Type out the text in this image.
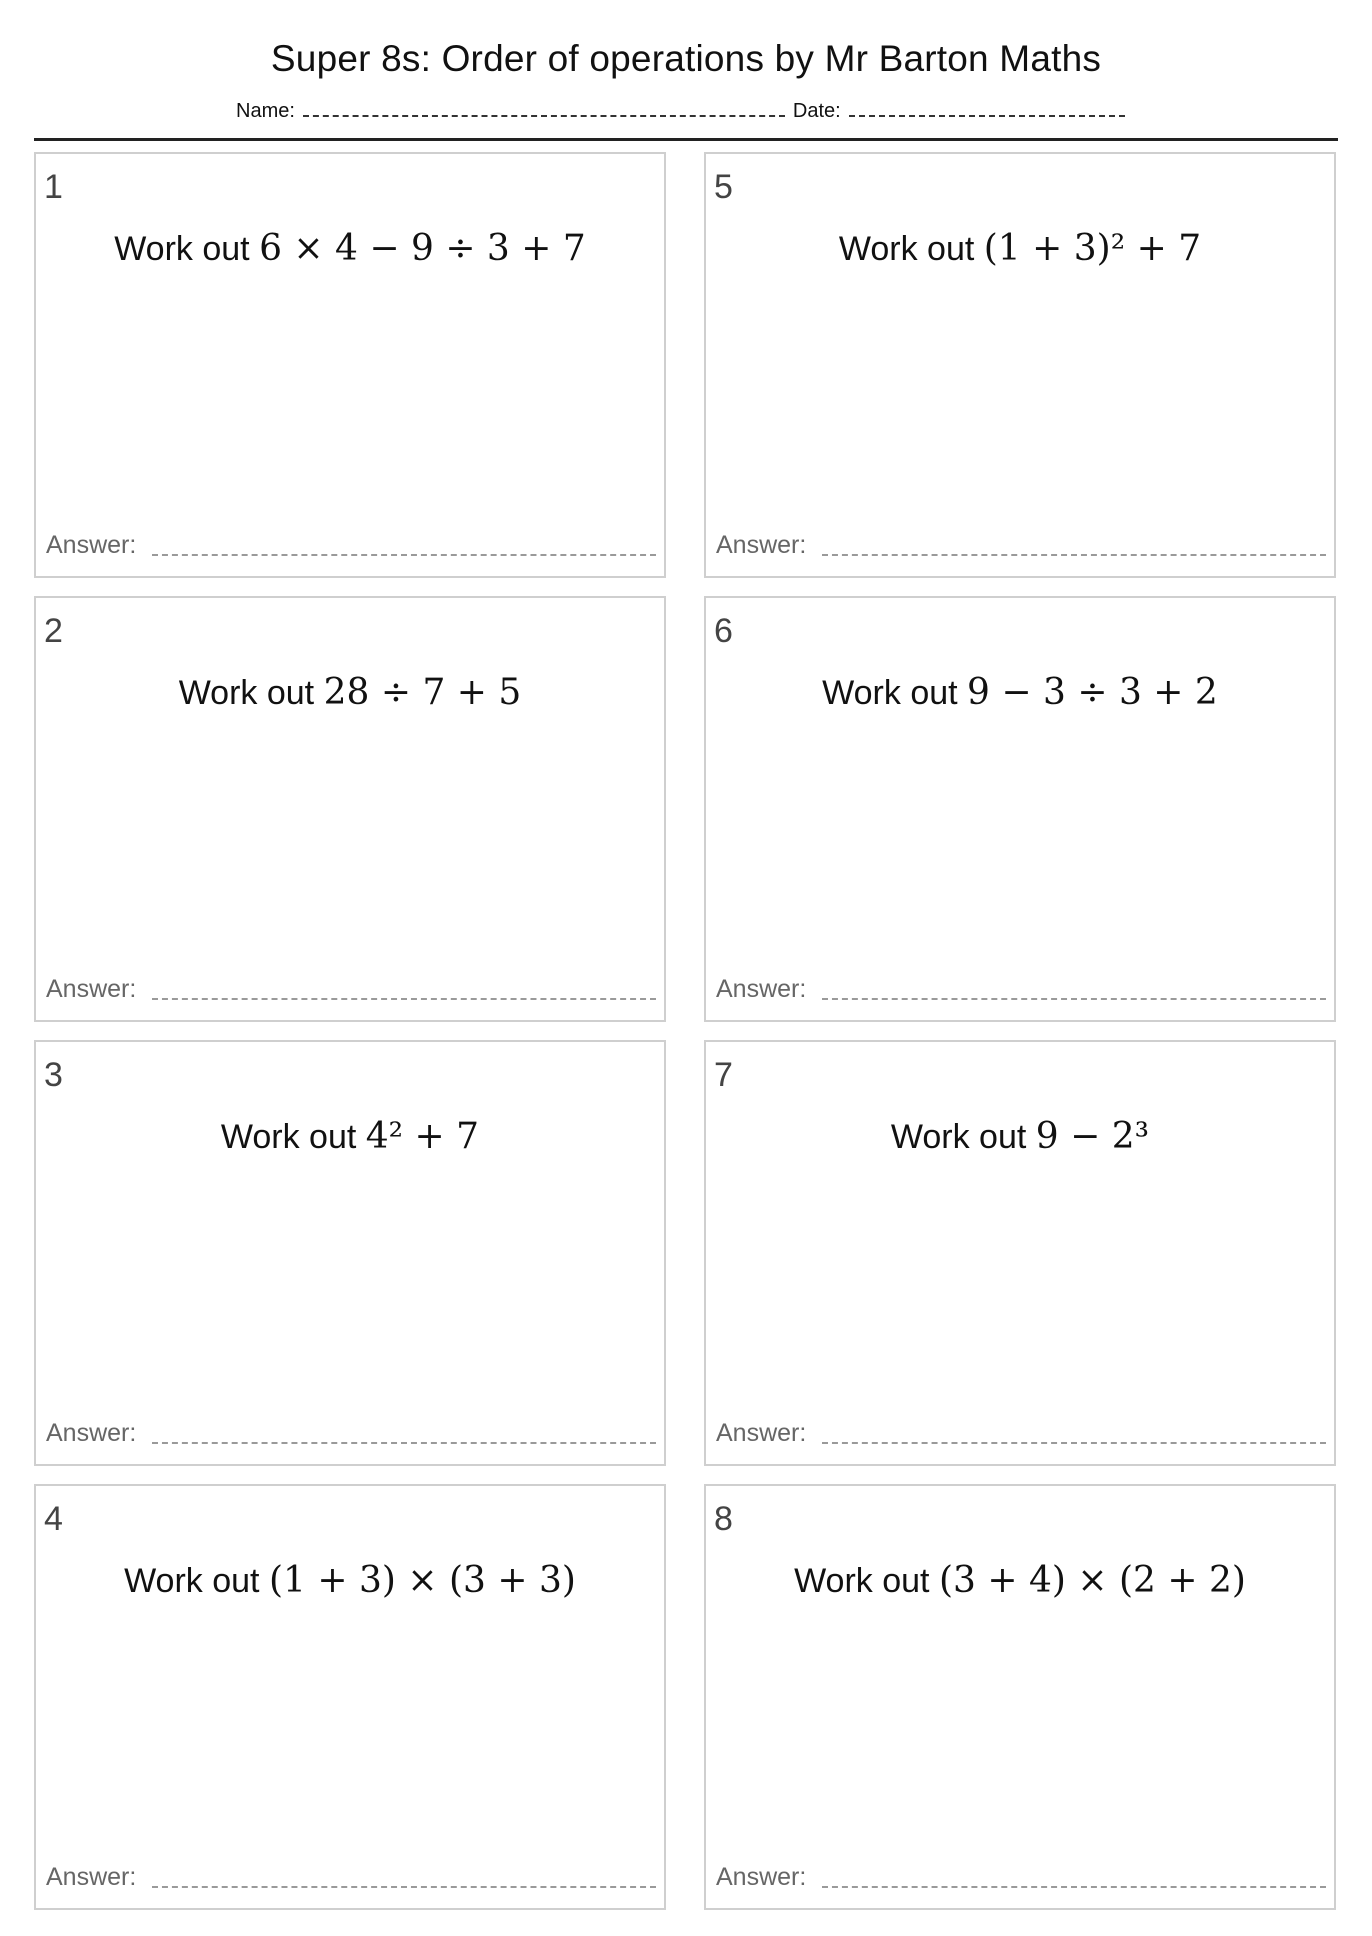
Super 8s: Order of operations by Mr Barton Maths
Name:	Date:
1
Work out 6 × 4 − 9 ÷ 3 + 7
Answer:
2
Work out 28 ÷ 7 + 5
Answer:
3
Work out 4² + 7
Answer:
4
Work out (1 + 3) × (3 + 3)
Answer:
5
Work out (1 + 3)² + 7
Answer:
6
Work out 9 − 3 ÷ 3 + 2
Answer:
7
Work out 9 − 2³
Answer:
8
Work out (3 + 4) × (2 + 2)
Answer:
